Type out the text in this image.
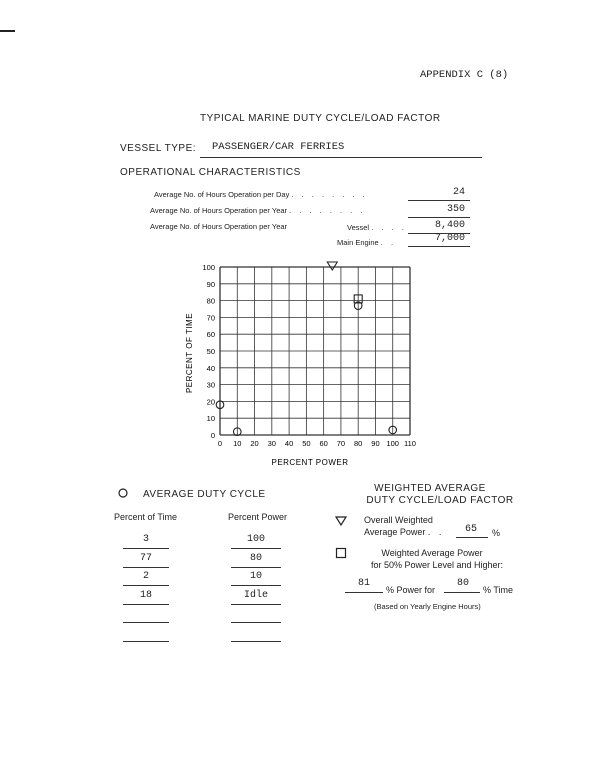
APPENDIX C (8)
TYPICAL MARINE DUTY CYCLE/LOAD FACTOR
VESSEL TYPE: PASSENGER/CAR FERRIES
OPERATIONAL CHARACTERISTICS
Average No. of Hours Operation per Day . . . . . . . .	24
Average No. of Hours Operation per Year . . . . . . . .	350
Average No. of Hours Operation per Year	Vessel . . . .	8,400
Main Engine . .	7,000
0 10 20 30 40 50 60 70 80 90 100 110
0
10
20
30
40
50
60
70
80
90
100
PERCENT POWER
PERCENT OF TIME
AVERAGE DUTY CYCLE
Percent of Time	Percent Power
3	100
77	80
2	10
18	Idle
WEIGHTED AVERAGE
DUTY CYCLE/LOAD FACTOR
Overall Weighted
Average Power . .	65	%
Weighted Average Power
for 50% Power Level and Higher:
81
% Power for
80
% Time
(Based on Yearly Engine Hours)
